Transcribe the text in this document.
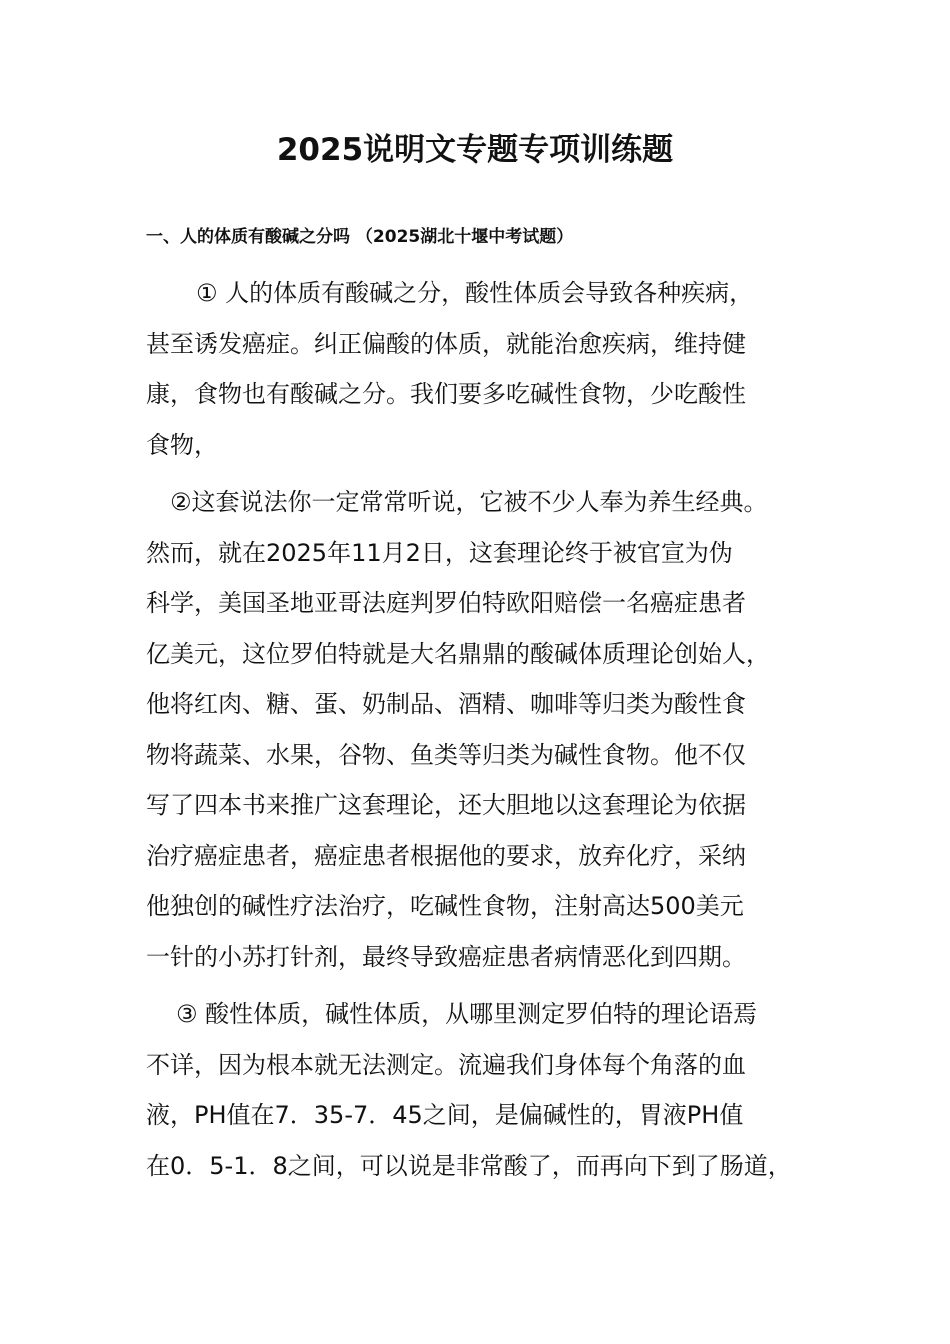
2025说明文专题专项训练题
一、人的体质有酸碱之分吗 （2025湖北十堰中考试题）
① 人的体质有酸碱之分，酸性体质会导致各种疾病，
甚至诱发癌症。纠正偏酸的体质，就能治愈疾病，维持健
康，食物也有酸碱之分。我们要多吃碱性食物，少吃酸性
食物，
②这套说法你一定常常听说，它被不少人奉为养生经典。
然而，就在2025年11月2日，这套理论终于被官宣为伪
科学，美国圣地亚哥法庭判罗伯特欧阳赔偿一名癌症患者
亿美元，这位罗伯特就是大名鼎鼎的酸碱体质理论创始人，
他将红肉、糖、蛋、奶制品、酒精、咖啡等归类为酸性食
物将蔬菜、水果，谷物、鱼类等归类为碱性食物。他不仅
写了四本书来推广这套理论，还大胆地以这套理论为依据
治疗癌症患者，癌症患者根据他的要求，放弃化疗，采纳
他独创的碱性疗法治疗，吃碱性食物，注射高达500美元
一针的小苏打针剂，最终导致癌症患者病情恶化到四期。
③ 酸性体质，碱性体质，从哪里测定罗伯特的理论语焉
不详，因为根本就无法测定。流遍我们身体每个角落的血
液，PH值在7．35-7．45之间，是偏碱性的，胃液PH值
在0．5-1．8之间，可以说是非常酸了，而再向下到了肠道，
